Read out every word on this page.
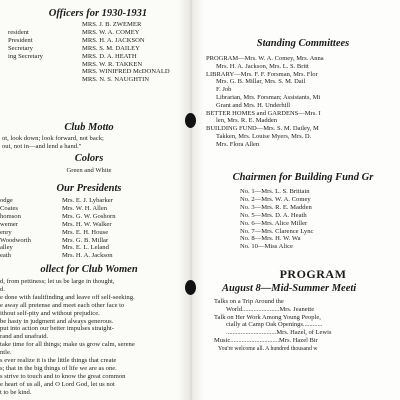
Officers for 1930-1931

MRS. J. B. ZWEMER
resident	MRS. W. A. COMEY
President	MRS. H. A. JACKSON
Secretary	MRS. S. M. DAILEY
ing Secretary	MRS. D. A. HEATH
MRS. W. R. TAKKEN
MRS. WINIFRED McDONALD
MRS. N. S. NAUGHTIN

Club Motto

ot, look down; look forward, not back;

out, not in—and lend a hand."

Colors

Green and White

Our Presidents

odge	Mrs. E. J. Lybarker
Coates	Mrs. W. H. Allen
homson	Mrs. G. W. Goshorn
wemer	Mrs. H. W. Walker
enry	Mrs. E. H. House
Woodworth	Mrs. G. B. Millar
alley	Mrs. E. L. Leland
eath	Mrs. H. A. Jackson

ollect for Club Women

d, from pettiness; let us be large in thought,

d.

e done with faultfinding and leave off self-seeking.

e away all pretense and meet each other face to

ithout self-pity and without prejudice.

be hasty in judgment and always generous.

put into action our better impulses straight-

rand and unafraid.

take time for all things; make us grow calm, serene

ntle.

s ever realize it is the little things that create

s; that in the big things of life we are as one.

s strive to touch and to know the great common

e heart of us all, and O Lord God, let us not

t to be kind.

Standing Committees

PROGRAM—Mrs. W. A. Comey, Mrs. Anna

Mrs. H. A. Jackson, Mrs. L. S. Britt

LIBRARY—Mrs. F. F. Forsman, Mrs. Flor

Mrs. G. B. Millar, Mrs. S. M. Dail

F. Job

Librarian, Mrs. Forsman; Assistants, Mi

Grant and Mrs. H. Underhill

BETTER HOMES and GARDENS—Mrs. I

len, Mrs. R. E. Madden

BUILDING FUND—Mrs. S. M. Dailey, M

Takken, Mrs. Louise Myers, Mrs. D.

Mrs. Flora Allen

Chairmen for Building Fund Gr

No. 1—Mrs. L. S. Brittain
No. 2—Mrs. W. A. Comey
No. 3—Mrs. R. E. Madden
No. 5—Mrs. D. A. Heath
No. 6—Mrs. Alice Miller
No. 7—Mrs. Clarence Lync
No. 8—Mrs. H. W. Wa
No. 10—Miss Alice

PROGRAM

August 8—Mid-Summer Meeti

Talks on a Trip Around the
World.......................Mrs. Jeanette
Talk on Her Work Among Young People,
cially at Camp Oak Openings............
...............................Mrs. Hazel, of Lewis
Music..............................Mrs. Hazel Bir

You're welcome all. A hundred thousand w
